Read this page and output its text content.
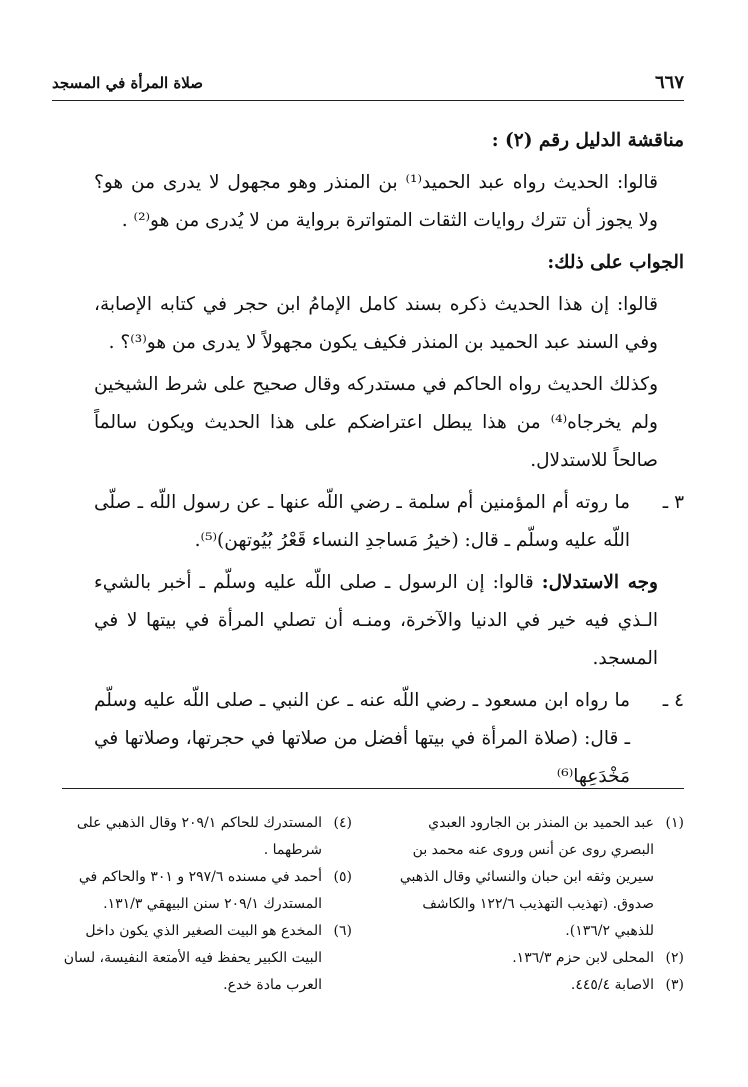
٦٦٧
صلاة المرأة في المسجد

مناقشة الدليل رقم (٢) :

قالوا: الحديث رواه عبد الحميد⁽¹⁾ بن المنذر وهو مجهول لا يدرى من هو؟ ولا يجوز أن تترك روايات الثقات المتواترة برواية من لا يُدرى من هو⁽²⁾ .

الجواب على ذلك:

قالوا: إن هذا الحديث ذكره بسند كامل الإمامُ ابن حجر في كتابه الإصابة، وفي السند عبد الحميد بن المنذر فكيف يكون مجهولاً لا يدرى من هو⁽³⁾؟ .

وكذلك الحديث رواه الحاكم في مستدركه وقال صحيح على شرط الشيخين ولم يخرجاه⁽⁴⁾ من هذا يبطل اعتراضكم على هذا الحديث ويكون سالماً صالحاً للاستدلال.

٣ ـ
ما روته أم المؤمنين أم سلمة ـ رضي اللّه عنها ـ عن رسول اللّه ـ صلّى اللّه عليه وسلّم ـ قال: (خيرُ مَساجدِ النساء قَعْرُ بُيُوتهن)⁽⁵⁾.

وجه الاستدلال: قالوا: إن الرسول ـ صلى اللّه عليه وسلّم ـ أخبر بالشيء الـذي فيه خير في الدنيا والآخرة، ومنـه أن تصلي المرأة في بيتها لا في المسجد.

٤ ـ
ما رواه ابن مسعود ـ رضي اللّه عنه ـ عن النبي ـ صلى اللّه عليه وسلّم ـ قال: (صلاة المرأة في بيتها أفضل من صلاتها في حجرتها، وصلاتها في مَخْدَعِها⁽⁶⁾

(١)
عبد الحميد بن المنذر بن الجارود العبدي البصري روى عن أنس وروى عنه محمد بن سيرين وثقه ابن حبان والنسائي وقال الذهبي صدوق. (تهذيب التهذيب ١٢٢/٦ والكاشف للذهبي ١٣٦/٢).
(٢)
المحلى لابن حزم ١٣٦/٣.
(٣)
الاصابة ٤٤٥/٤.
(٤)
المستدرك للحاكم ٢٠٩/١ وقال الذهبي على شرطهما .
(٥)
أحمد في مسنده ٢٩٧/٦ و ٣٠١ والحاكم في المستدرك ٢٠٩/١ سنن البيهقي ١٣١/٣.
(٦)
المخدع هو البيت الصغير الذي يكون داخل البيت الكبير يحفظ فيه الأمتعة النفيسة، لسان العرب مادة خدع.
